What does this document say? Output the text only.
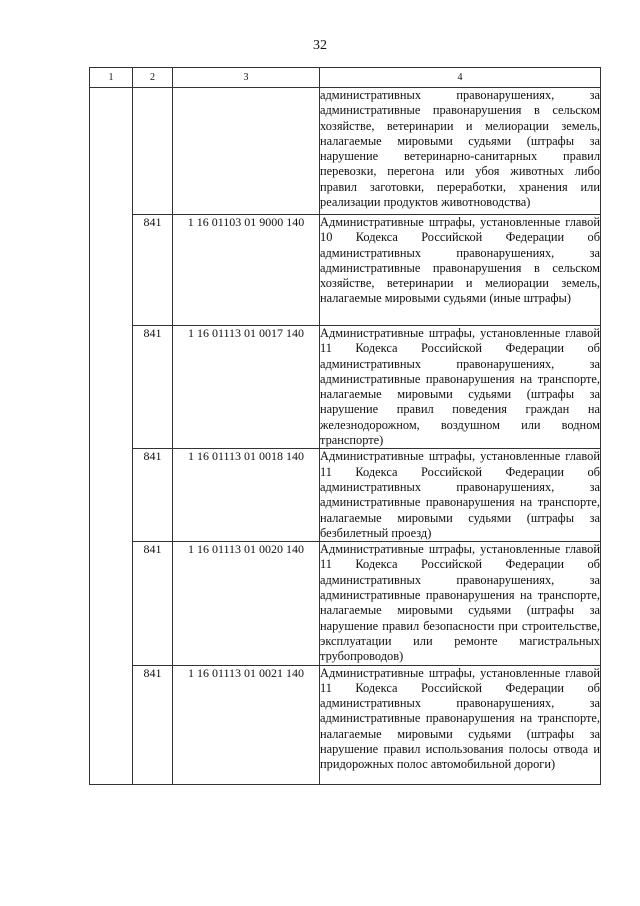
32
1	2	3	4

			административных правонарушениях, за административные правонарушения в сельском хозяйстве, ветеринарии и мелиорации земель, налагаемые мировыми судьями (штрафы за нарушение ветеринарно-санитарных правил перевозки, перегона или убоя животных либо правил заготовки, переработки, хранения или реализации продуктов животноводства)

	841	1 16 01103 01 9000 140	Административные штрафы, установленные главой 10 Кодекса Российской Федерации об административных правонарушениях, за административные правонарушения в сельском хозяйстве, ветеринарии и мелиорации земель, налагаемые мировыми судьями (иные штрафы)

	841	1 16 01113 01 0017 140	Административные штрафы, установленные главой 11 Кодекса Российской Федерации об административных правонарушениях, за административные правонарушения на транспорте, налагаемые мировыми судьями (штрафы за нарушение правил поведения граждан на железнодорожном, воздушном или водном транспорте)

	841	1 16 01113 01 0018 140	Административные штрафы, установленные главой 11 Кодекса Российской Федерации об административных правонарушениях, за административные правонарушения на транспорте, налагаемые мировыми судьями (штрафы за безбилетный проезд)

	841	1 16 01113 01 0020 140	Административные штрафы, установленные главой 11 Кодекса Российской Федерации об административных правонарушениях, за административные правонарушения на транспорте, налагаемые мировыми судьями (штрафы за нарушение правил безопасности при строительстве, эксплуатации или ремонте магистральных трубопроводов)

	841	1 16 01113 01 0021 140	Административные штрафы, установленные главой 11 Кодекса Российской Федерации об административных правонарушениях, за административные правонарушения на транспорте, налагаемые мировыми судьями (штрафы за нарушение правил использования полосы отвода и придорожных полос автомобильной дороги)
